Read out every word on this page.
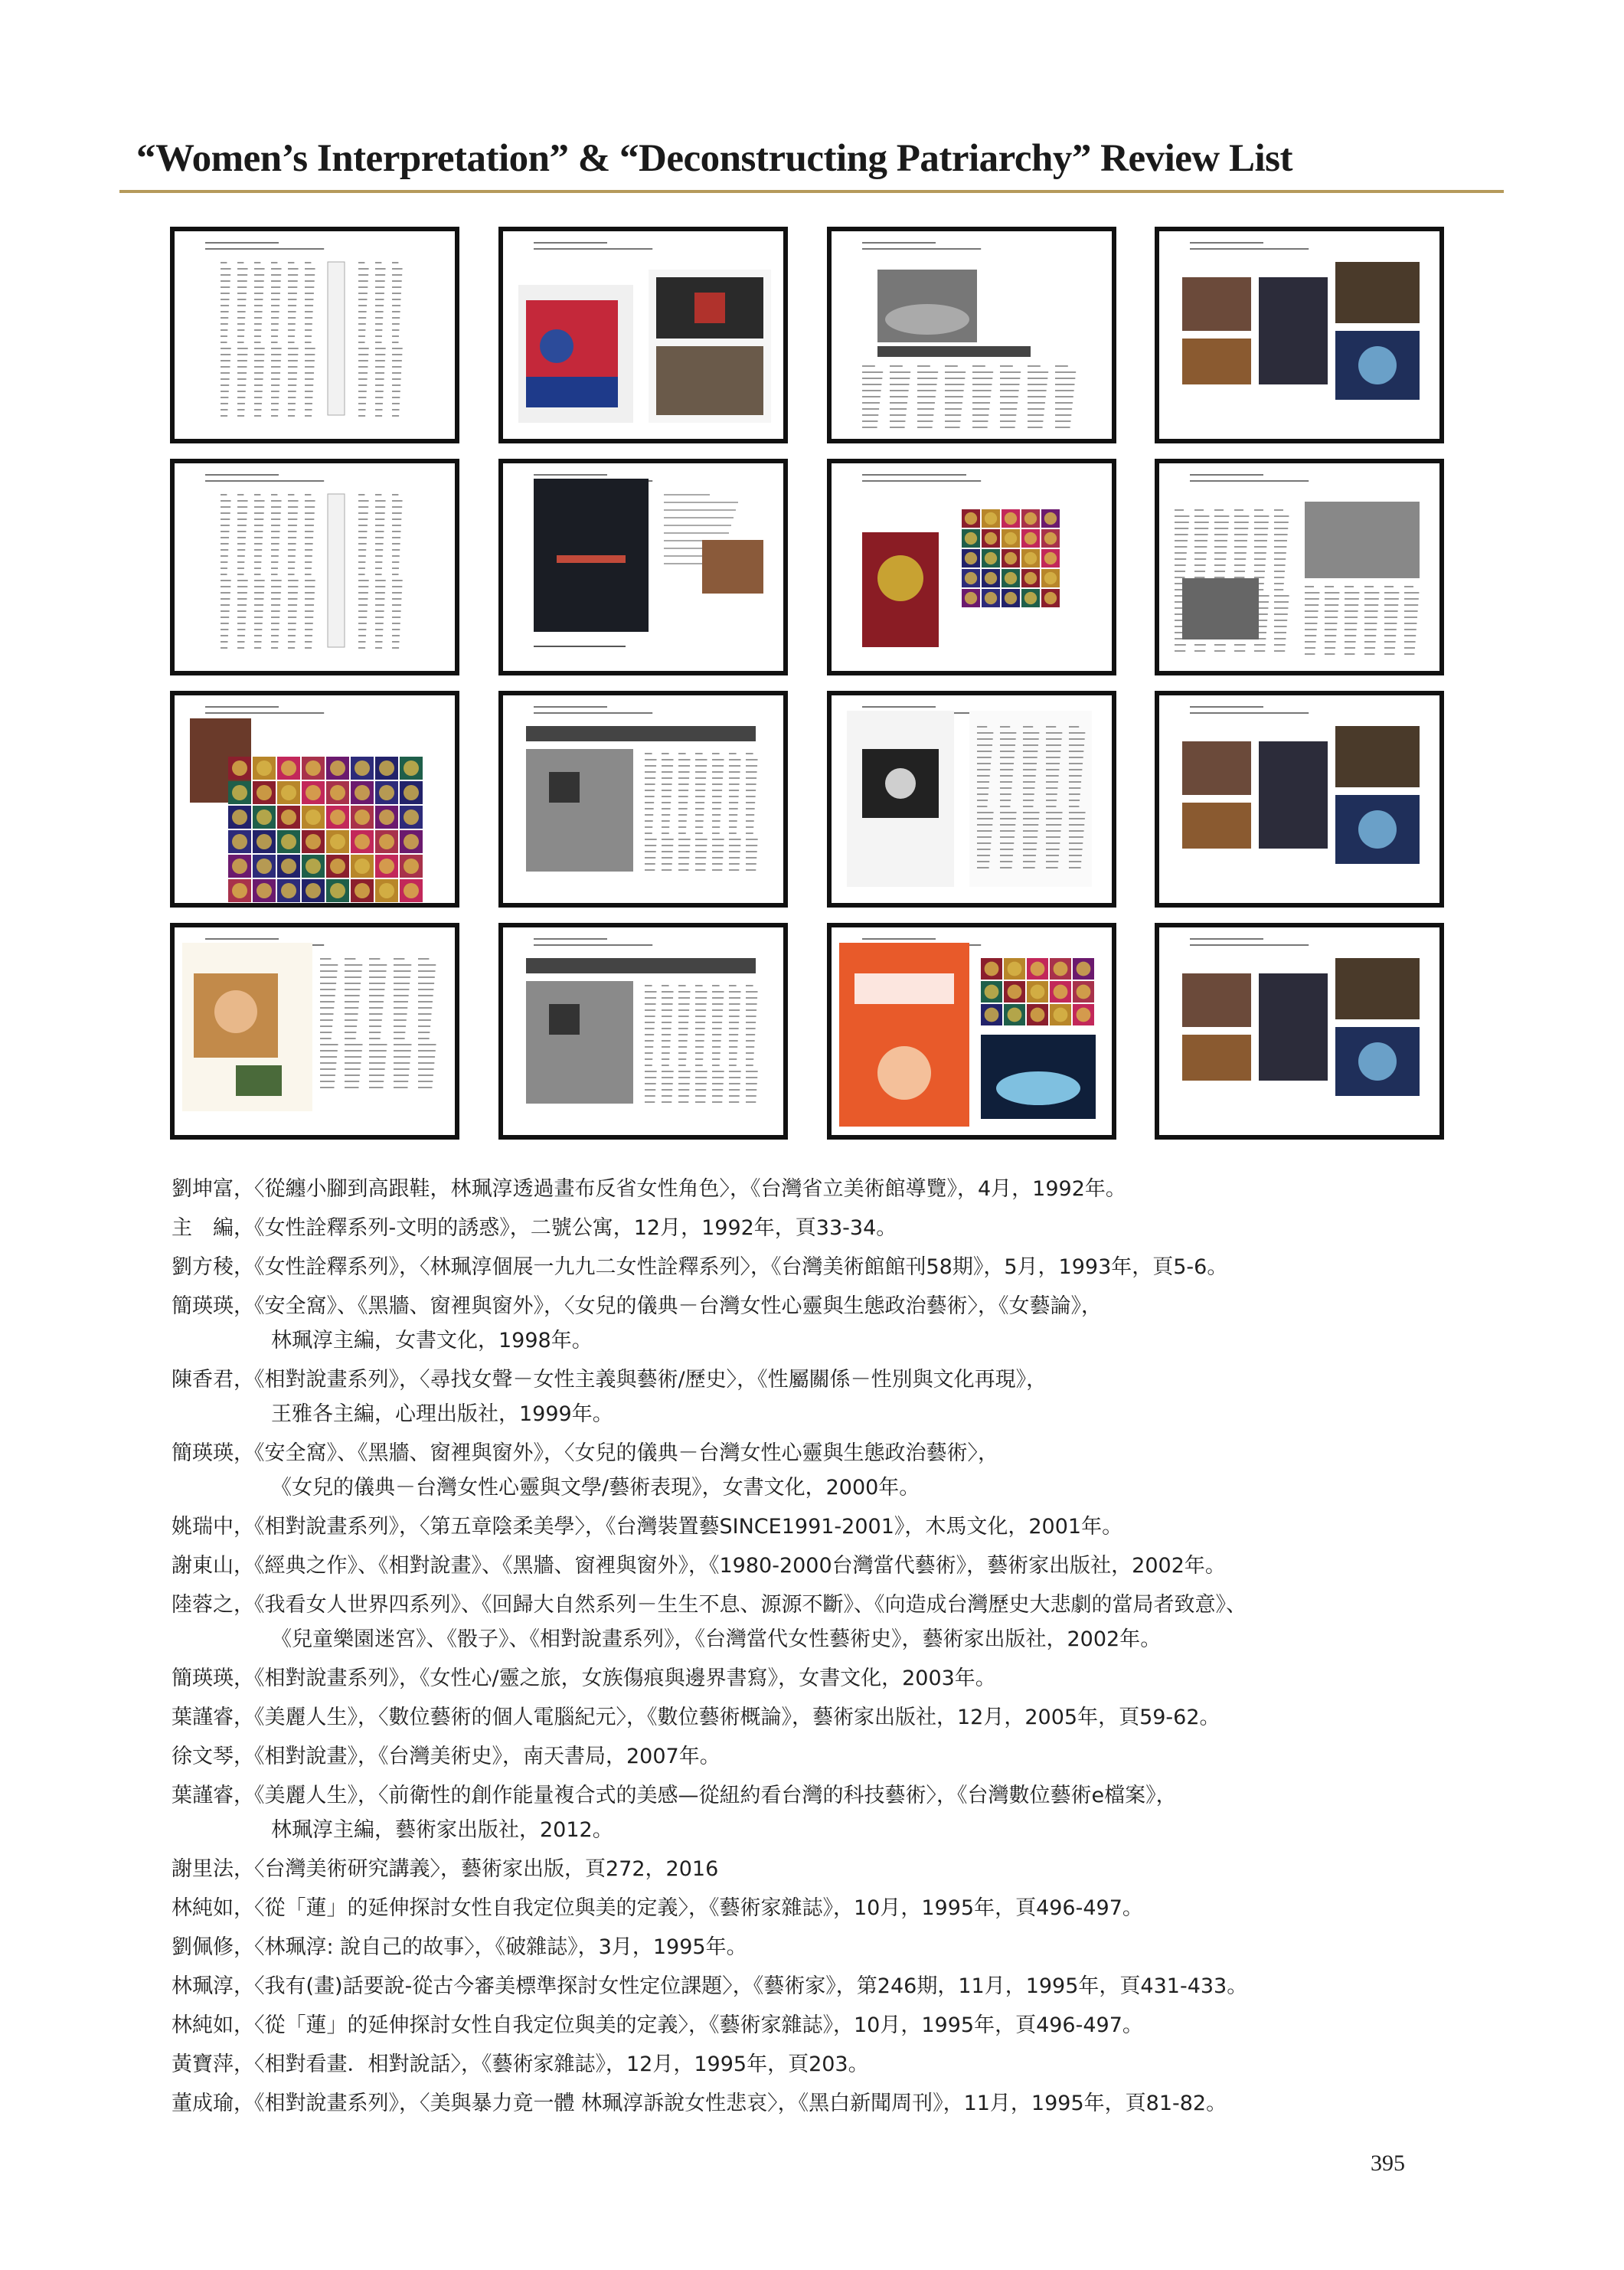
“Women’s Interpretation” & “Deconstructing Patriarchy” Review List
劉坤富，〈從纏小腳到高跟鞋，林珮淳透過畫布反省女性角色〉，《台灣省立美術館導覽》，4月，1992年。
主　編，《女性詮釋系列-文明的誘惑》，二號公寓，12月，1992年，頁33-34。
劉方稜，《女性詮釋系列》，〈林珮淳個展一九九二女性詮釋系列〉，《台灣美術館館刊58期》，5月，1993年，頁5-6。
簡瑛瑛，《安全窩》、《黑牆、窗裡與窗外》，〈女兒的儀典－台灣女性心靈與生態政治藝術〉，《女藝論》，
林珮淳主編，女書文化，1998年。
陳香君，《相對說畫系列》，〈尋找女聲－女性主義與藝術/歷史〉，《性屬關係－性別與文化再現》，
王雅各主編，心理出版社，1999年。
簡瑛瑛，《安全窩》、《黑牆、窗裡與窗外》，〈女兒的儀典－台灣女性心靈與生態政治藝術〉，
《女兒的儀典－台灣女性心靈與文學/藝術表現》，女書文化，2000年。
姚瑞中，《相對說畫系列》，〈第五章陰柔美學〉，《台灣裝置藝SINCE1991-2001》，木馬文化，2001年。
謝東山，《經典之作》、《相對說畫》、《黑牆、窗裡與窗外》，《1980-2000台灣當代藝術》，藝術家出版社，2002年。
陸蓉之，《我看女人世界四系列》、《回歸大自然系列－生生不息、源源不斷》、《向造成台灣歷史大悲劇的當局者致意》、
《兒童樂園迷宮》、《骰子》、《相對說畫系列》，《台灣當代女性藝術史》，藝術家出版社，2002年。
簡瑛瑛，《相對說畫系列》，《女性心/靈之旅，女族傷痕與邊界書寫》，女書文化，2003年。
葉謹睿，《美麗人生》，〈數位藝術的個人電腦紀元〉，《數位藝術概論》，藝術家出版社，12月，2005年，頁59-62。
徐文琴，《相對說畫》，《台灣美術史》，南天書局，2007年。
葉謹睿，《美麗人生》，〈前衛性的創作能量複合式的美感—從紐約看台灣的科技藝術〉，《台灣數位藝術e檔案》，
林珮淳主編，藝術家出版社，2012。
謝里法，〈台灣美術研究講義〉，藝術家出版，頁272，2016
林純如，〈從「蓮」的延伸探討女性自我定位與美的定義〉，《藝術家雜誌》，10月，1995年，頁496-497。
劉佩修，〈林珮淳: 說自己的故事〉，《破雜誌》，3月，1995年。
林珮淳，〈我有(畫)話要說-從古今審美標準探討女性定位課題〉，《藝術家》，第246期，11月，1995年，頁431-433。
林純如，〈從「蓮」的延伸探討女性自我定位與美的定義〉，《藝術家雜誌》，10月，1995年，頁496-497。
黃寶萍，〈相對看畫．相對說話〉，《藝術家雜誌》，12月，1995年，頁203。
董成瑜，《相對說畫系列》，〈美與暴力竟一體 林珮淳訴說女性悲哀〉，《黑白新聞周刊》，11月，1995年，頁81-82。
395
